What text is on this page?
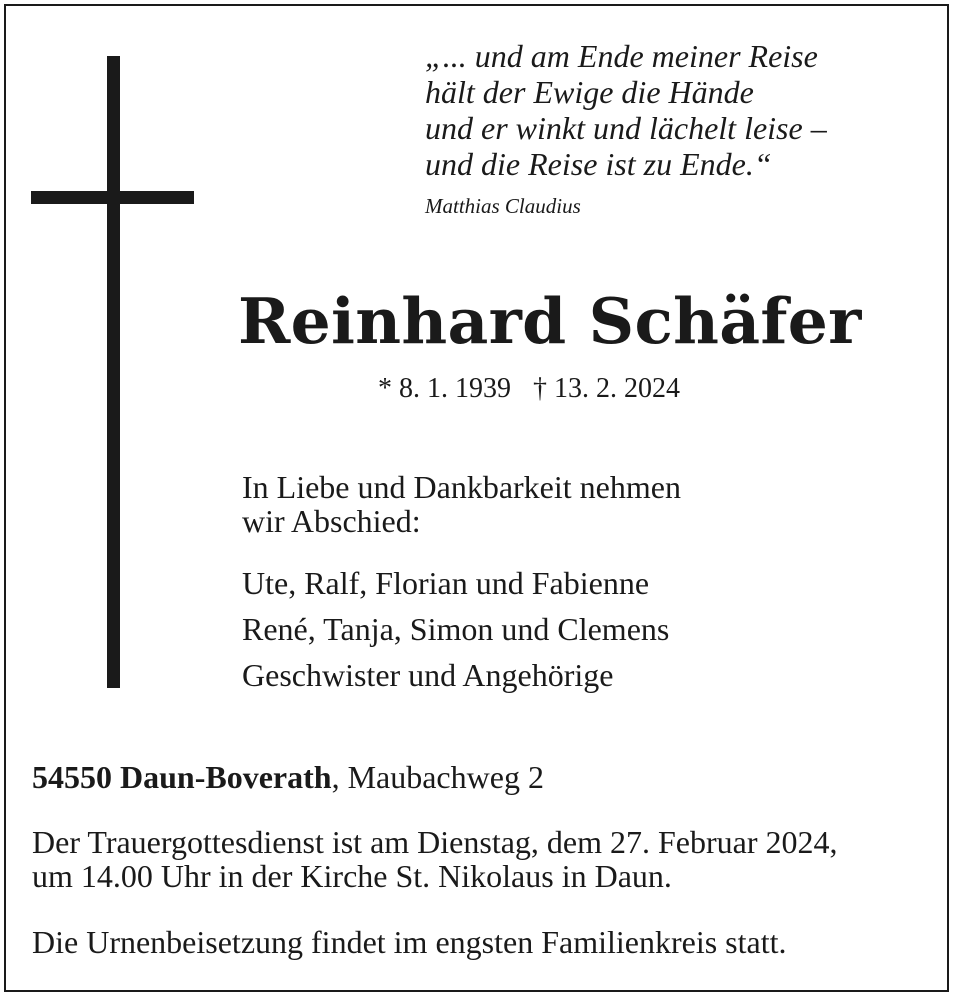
„... und am Ende meiner Reise
hält der Ewige die Hände
und er winkt und lächelt leise –
und die Reise ist zu Ende.“
Matthias Claudius
Reinhard Schäfer
* 8. 1. 1939 † 13. 2. 2024
In Liebe und Dankbarkeit nehmen
wir Abschied:
Ute, Ralf, Florian und Fabienne
René, Tanja, Simon und Clemens
Geschwister und Angehörige
54550 Daun-Boverath, Maubachweg 2
Der Trauergottesdienst ist am Dienstag, dem 27. Februar 2024,
um 14.00 Uhr in der Kirche St. Nikolaus in Daun.
Die Urnenbeisetzung findet im engsten Familienkreis statt.
